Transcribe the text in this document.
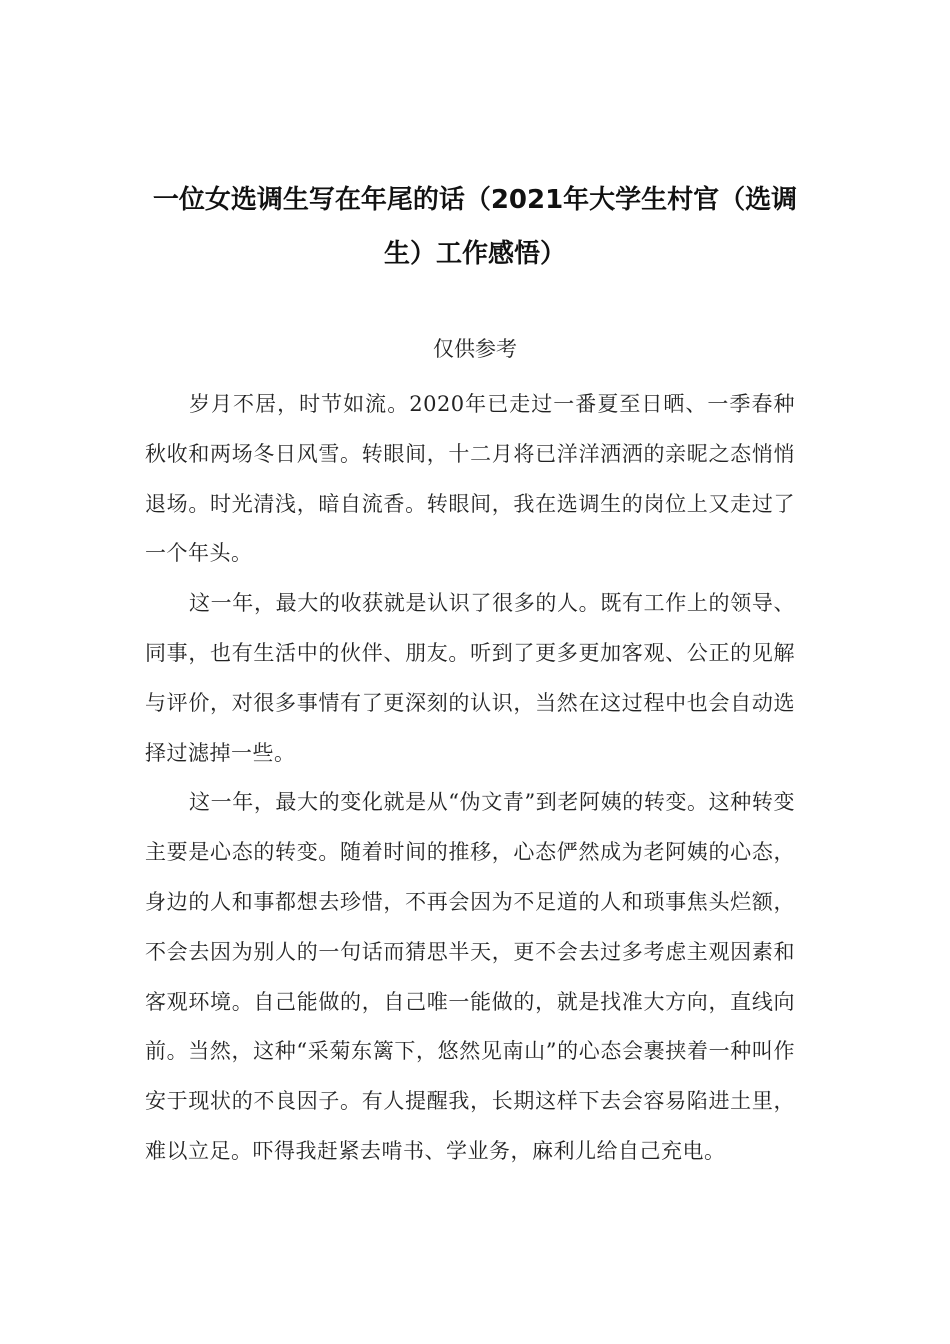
一位女选调生写在年尾的话（2021年大学生村官（选调生）工作感悟）
仅供参考

岁月不居，时节如流。2020年已走过一番夏至日晒、一季春种秋收和两场冬日风雪。转眼间，十二月将已洋洋洒洒的亲昵之态悄悄退场。时光清浅，暗自流香。转眼间，我在选调生的岗位上又走过了一个年头。

这一年，最大的收获就是认识了很多的人。既有工作上的领导、同事，也有生活中的伙伴、朋友。听到了更多更加客观、公正的见解与评价，对很多事情有了更深刻的认识，当然在这过程中也会自动选择过滤掉一些。

这一年，最大的变化就是从“伪文青”到老阿姨的转变。这种转变主要是心态的转变。随着时间的推移，心态俨然成为老阿姨的心态，身边的人和事都想去珍惜，不再会因为不足道的人和琐事焦头烂额，不会去因为别人的一句话而猜思半天，更不会去过多考虑主观因素和客观环境。自己能做的，自己唯一能做的，就是找准大方向，直线向前。当然，这种“采菊东篱下，悠然见南山”的心态会裹挟着一种叫作安于现状的不良因子。有人提醒我，长期这样下去会容易陷进土里，难以立足。吓得我赶紧去啃书、学业务，麻利儿给自己充电。
